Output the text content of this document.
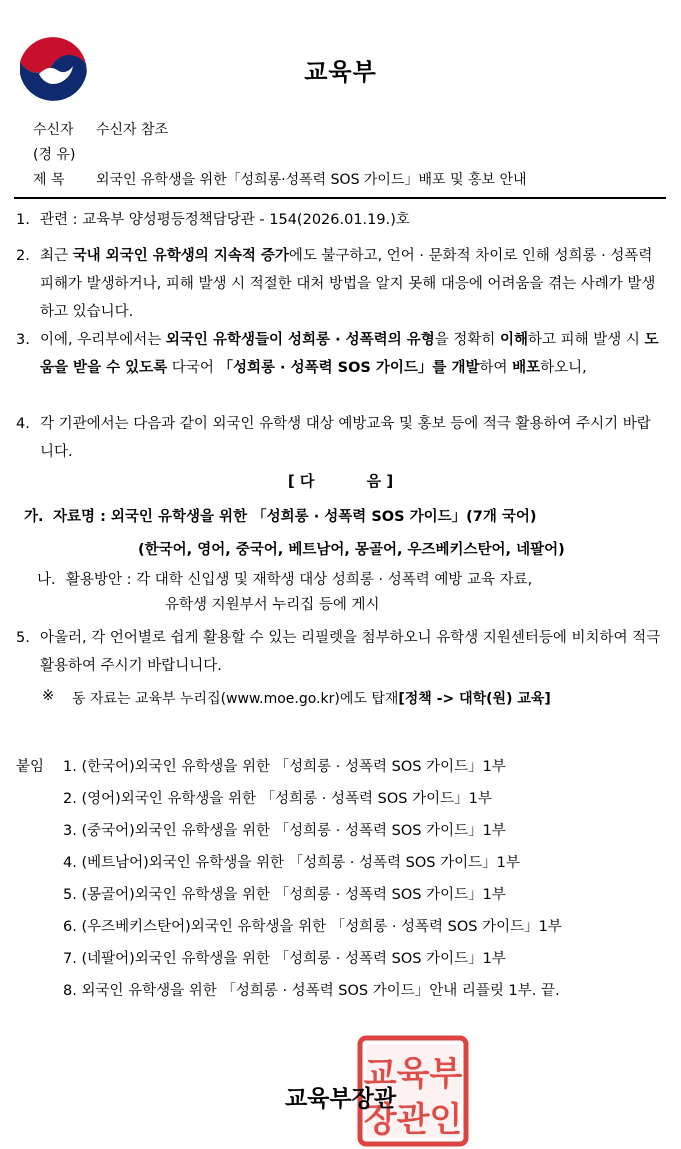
교육부
수신자 수신자 참조
(경 유)
제 목 외국인 유학생을 위한「성희롱·성폭력 SOS 가이드」배포 및 홍보 안내
1. 관련 : 교육부 양성평등정책담당관 - 154(2026.01.19.)호
2. 최근 국내 외국인 유학생의 지속적 증가에도 불구하고, 언어 · 문화적 차이로 인해 성희롱 · 성폭력 피해가 발생하거나, 피해 발생 시 적절한 대처 방법을 알지 못해 대응에 어려움을 겪는 사례가 발생하고 있습니다.
3. 이에, 우리부에서는 외국인 유학생들이 성희롱 · 성폭력의 유형을 정확히 이해하고 피해 발생 시 도움을 받을 수 있도록 다국어 「성희롱 · 성폭력 SOS 가이드」를 개발하여 배포하오니,
4. 각 기관에서는 다음과 같이 외국인 유학생 대상 예방교육 및 홍보 등에 적극 활용하여 주시기 바랍니다.
[ 다          음 ]
가. 자료명 : 외국인 유학생을 위한 「성희롱 · 성폭력 SOS 가이드」(7개 국어)
(한국어, 영어, 중국어, 베트남어, 몽골어, 우즈베키스탄어, 네팔어)
나. 활용방안 : 각 대학 신입생 및 재학생 대상 성희롱 · 성폭력 예방 교육 자료,
유학생 지원부서 누리집 등에 게시
5. 아울러, 각 언어별로 쉽게 활용할 수 있는 리필렛을 첨부하오니 유학생 지원센터등에 비치하여 적극 활용하여 주시기 바랍니니다.
※ 동 자료는 교육부 누리집(www.moe.go.kr)에도 탑재[정책 -> 대학(원) 교육]
붙임 1. (한국어)외국인 유학생을 위한 「성희롱 · 성폭력 SOS 가이드」1부
2. (영어)외국인 유학생을 위한 「성희롱 · 성폭력 SOS 가이드」1부
3. (중국어)외국인 유학생을 위한 「성희롱 · 성폭력 SOS 가이드」1부
4. (베트남어)외국인 유학생을 위한 「성희롱 · 성폭력 SOS 가이드」1부
5. (몽골어)외국인 유학생을 위한 「성희롱 · 성폭력 SOS 가이드」1부
6. (우즈베키스탄어)외국인 유학생을 위한 「성희롱 · 성폭력 SOS 가이드」1부
7. (네팔어)외국인 유학생을 위한 「성희롱 · 성폭력 SOS 가이드」1부
8. 외국인 유학생을 위한 「성희롱 · 성폭력 SOS 가이드」안내 리플릿 1부. 끝.
교육부
장관인
교육부장관
